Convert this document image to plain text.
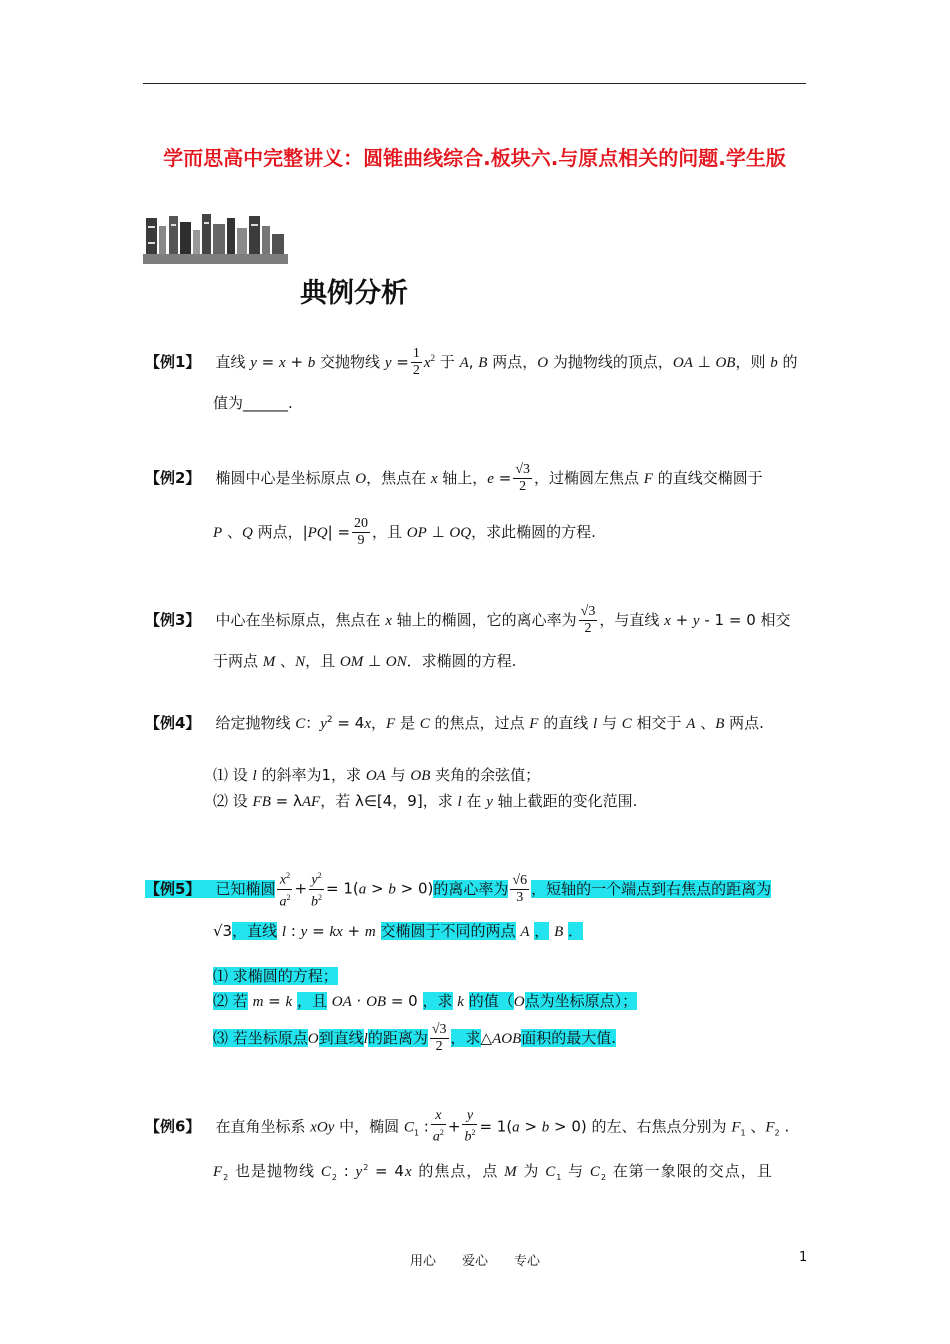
学而思高中完整讲义：圆锥曲线综合.板块六.与原点相关的问题.学生版
典例分析
【例1】 直线 y = x + b 交抛物线 $y = \frac{1}{2} x^2$ 于 A, B 两点，O 为抛物线的顶点，OA ⊥ OB，则 b 的
值为______.
【例2】 椭圆中心是坐标原点 O，焦点在 x 轴上，$e = \frac{√3}{2}$ ，过椭圆左焦点 F 的直线交椭圆于
P 、Q 两点，$|PQ| = \frac{20}{9}$ ，且 OP ⊥ OQ，求此椭圆的方程.
【例3】 中心在坐标原点，焦点在 x 轴上的椭圆，它的离心率为 $\frac{√3}{2}$ ，与直线 x + y - 1 = 0 相交
于两点 M 、N，且 OM ⊥ ON．求椭圆的方程.
【例4】 给定抛物线 C：$y^2 = 4x$，F 是 C 的焦点，过点 F 的直线 l 与 C 相交于 A 、B 两点.
⑴ 设 l 的斜率为1，求 OA 与 OB 夹角的余弦值；
⑵ 设 FB = λAF，若 λ∈[4，9]，求 l 在 y 轴上截距的变化范围.
【例5】 已知椭圆 $\frac{x^2}{a^2} + \frac{y^2}{b^2} = 1(a > b > 0)$的离心率为 $\frac{√6}{3}$ ，短轴的一个端点到右焦点的距离为
√3，直线 l : y = kx + m 交椭圆于不同的两点 A ， B ．
⑴ 求椭圆的方程；
⑵ 若 m = k ，且 OA · OB = 0 ，求 k 的值（O点为坐标原点）；
⑶ 若坐标原点O到直线l的距离为 $\frac{√3}{2}$ ，求△AOB面积的最大值.
【例6】 在直角坐标系 xOy 中，椭圆 $C_1$ : $\frac{x}{a^2} + \frac{y}{b^2} = 1(a > b > 0)$ 的左、右焦点分别为 $F_1$ 、$F_2$ .
$F_2$ 也是抛物线 $C_2$ : $y^2 = 4x$ 的焦点，点 M 为 $C_1$ 与 $C_2$ 在第一象限的交点，且
用心　　爱心　　专心	1
